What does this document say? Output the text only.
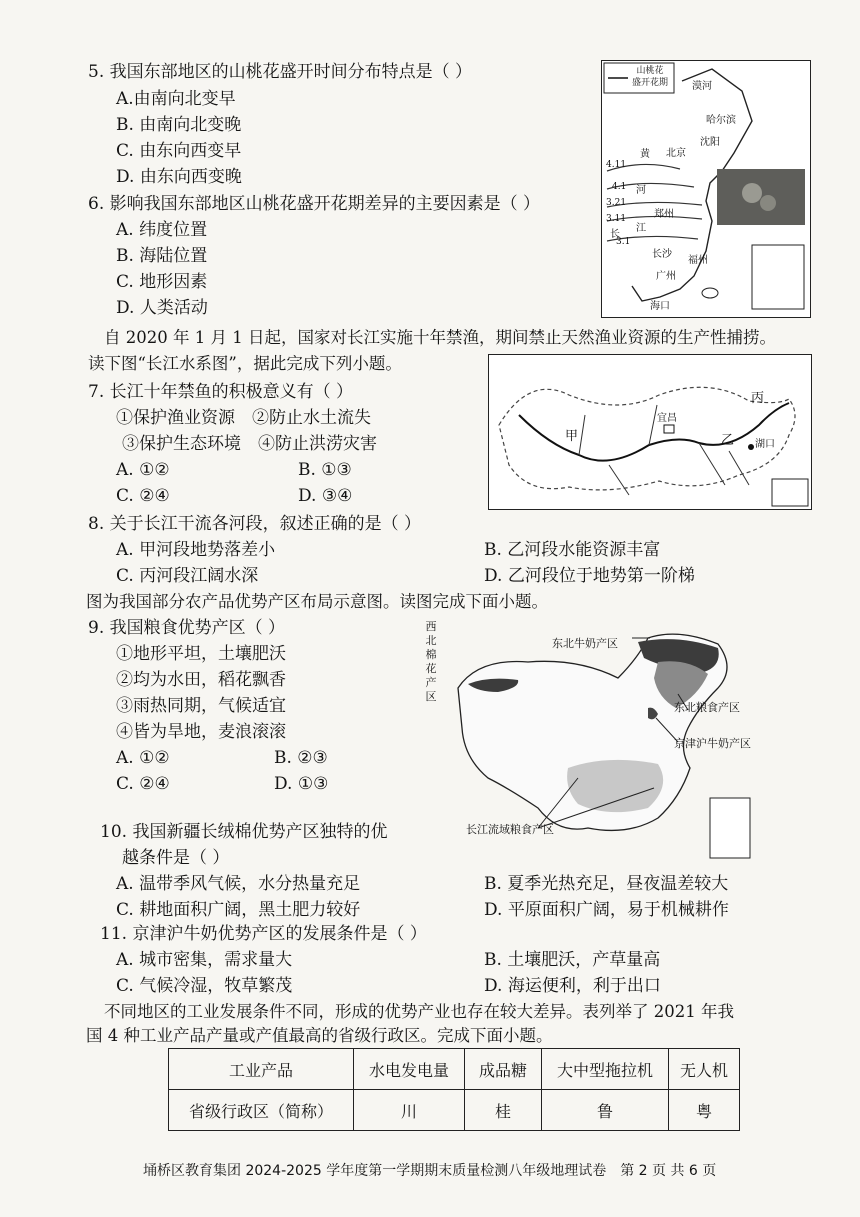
5. 我国东部地区的山桃花盛开时间分布特点是（ ）
A.由南向北变早
B. 由南向北变晚
C. 由东向西变早
D. 由东向西变晚
6. 影响我国东部地区山桃花盛开花期差异的主要因素是（ ）
A. 纬度位置
B. 海陆位置
C. 地形因素
D. 人类活动
山桃花
盛开花期	漠河
哈尔滨
沈阳
北京
郑州
长沙
广州
福州
海口
黄
河
江
长
4.11
4.1
3.21
3.11
3.1
自 2020 年 1 月 1 日起，国家对长江实施十年禁渔，期间禁止天然渔业资源的生产性捕捞。
读下图“长江水系图”，据此完成下列小题。
7. 长江十年禁鱼的积极意义有（ ）
①保护渔业资源　②防止水土流失
③保护生态环境　④防止洪涝灾害
A. ①②	B. ①③
C. ②④	D. ③④
甲
宜昌
乙 湖口
丙
8. 关于长江干流各河段，叙述正确的是（ ）
A. 甲河段地势落差小	B. 乙河段水能资源丰富
C. 丙河段江阔水深	D. 乙河段位于地势第一阶梯
图为我国部分农产品优势产区布局示意图。读图完成下面小题。
9. 我国粮食优势产区（ ）
①地形平坦，土壤肥沃
②均为水田，稻花飘香
③雨热同期，气候适宜
④皆为旱地，麦浪滚滚
A. ①②	B. ②③
C. ②④	D. ①③
东北牛奶产区
东北粮食产区
京津沪牛奶产区
长江流域粮食产区
西
北
棉
花
产
区
10. 我国新疆长绒棉优势产区独特的优
越条件是（ ）
A. 温带季风气候，水分热量充足	B. 夏季光热充足，昼夜温差较大
C. 耕地面积广阔，黑土肥力较好	D. 平原面积广阔，易于机械耕作
11. 京津沪牛奶优势产区的发展条件是（ ）
A. 城市密集，需求量大	B. 土壤肥沃，产草量高
C. 气候冷湿，牧草繁茂	D. 海运便利，利于出口
不同地区的工业发展条件不同，形成的优势产业也存在较大差异。表列举了 2021 年我
国 4 种工业产品产量或产值最高的省级行政区。完成下面小题。
工业产品	水电发电量	成品糖	大中型拖拉机	无人机
省级行政区（简称）	川	桂	鲁	粤
埇桥区教育集团 2024-2025 学年度第一学期期末质量检测八年级地理试卷　第 2 页 共 6 页
